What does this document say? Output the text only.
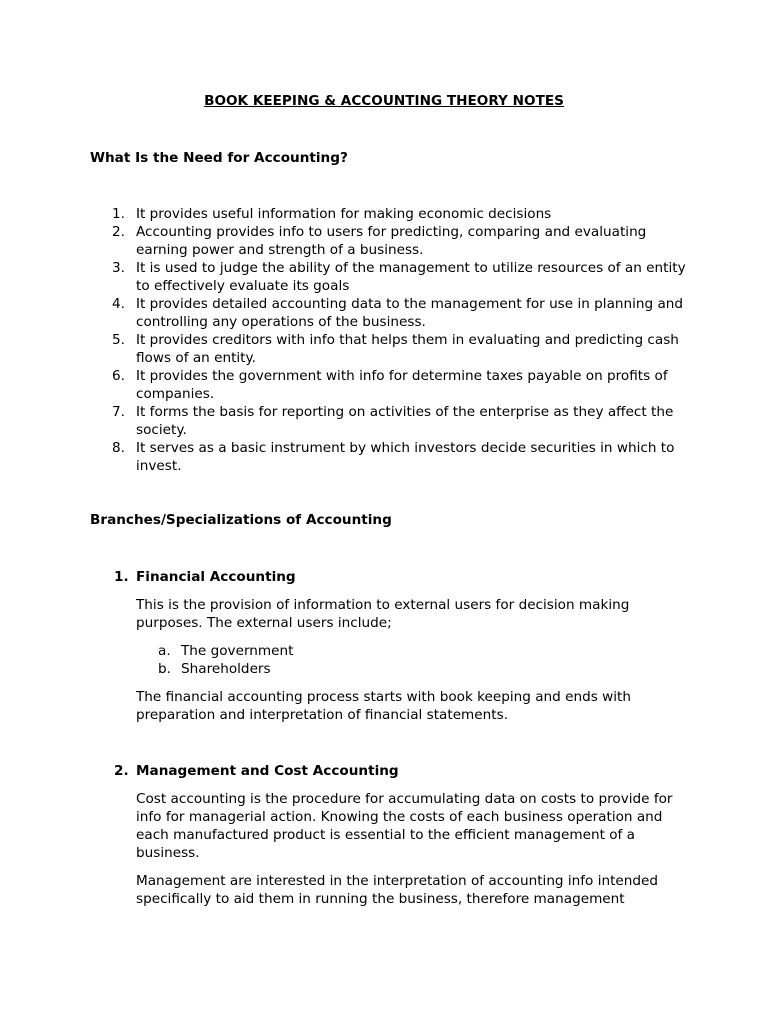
BOOK KEEPING & ACCOUNTING THEORY NOTES
What Is the Need for Accounting?
1. It provides useful information for making economic decisions
2. Accounting provides info to users for predicting, comparing and evaluating earning power and strength of a business.
3. It is used to judge the ability of the management to utilize resources of an entity to effectively evaluate its goals
4. It provides detailed accounting data to the management for use in planning and controlling any operations of the business.
5. It provides creditors with info that helps them in evaluating and predicting cash flows of an entity.
6. It provides the government with info for determine taxes payable on profits of companies.
7. It forms the basis for reporting on activities of the enterprise as they affect the society.
8. It serves as a basic instrument by which investors decide securities in which to invest.
Branches/Specializations of Accounting
1. Financial Accounting
This is the provision of information to external users for decision making purposes. The external users include;
a. The government
b. Shareholders
The financial accounting process starts with book keeping and ends with preparation and interpretation of financial statements.
2. Management and Cost Accounting
Cost accounting is the procedure for accumulating data on costs to provide for info for managerial action. Knowing the costs of each business operation and each manufactured product is essential to the efficient management of a business.
Management are interested in the interpretation of accounting info intended specifically to aid them in running the business, therefore management
